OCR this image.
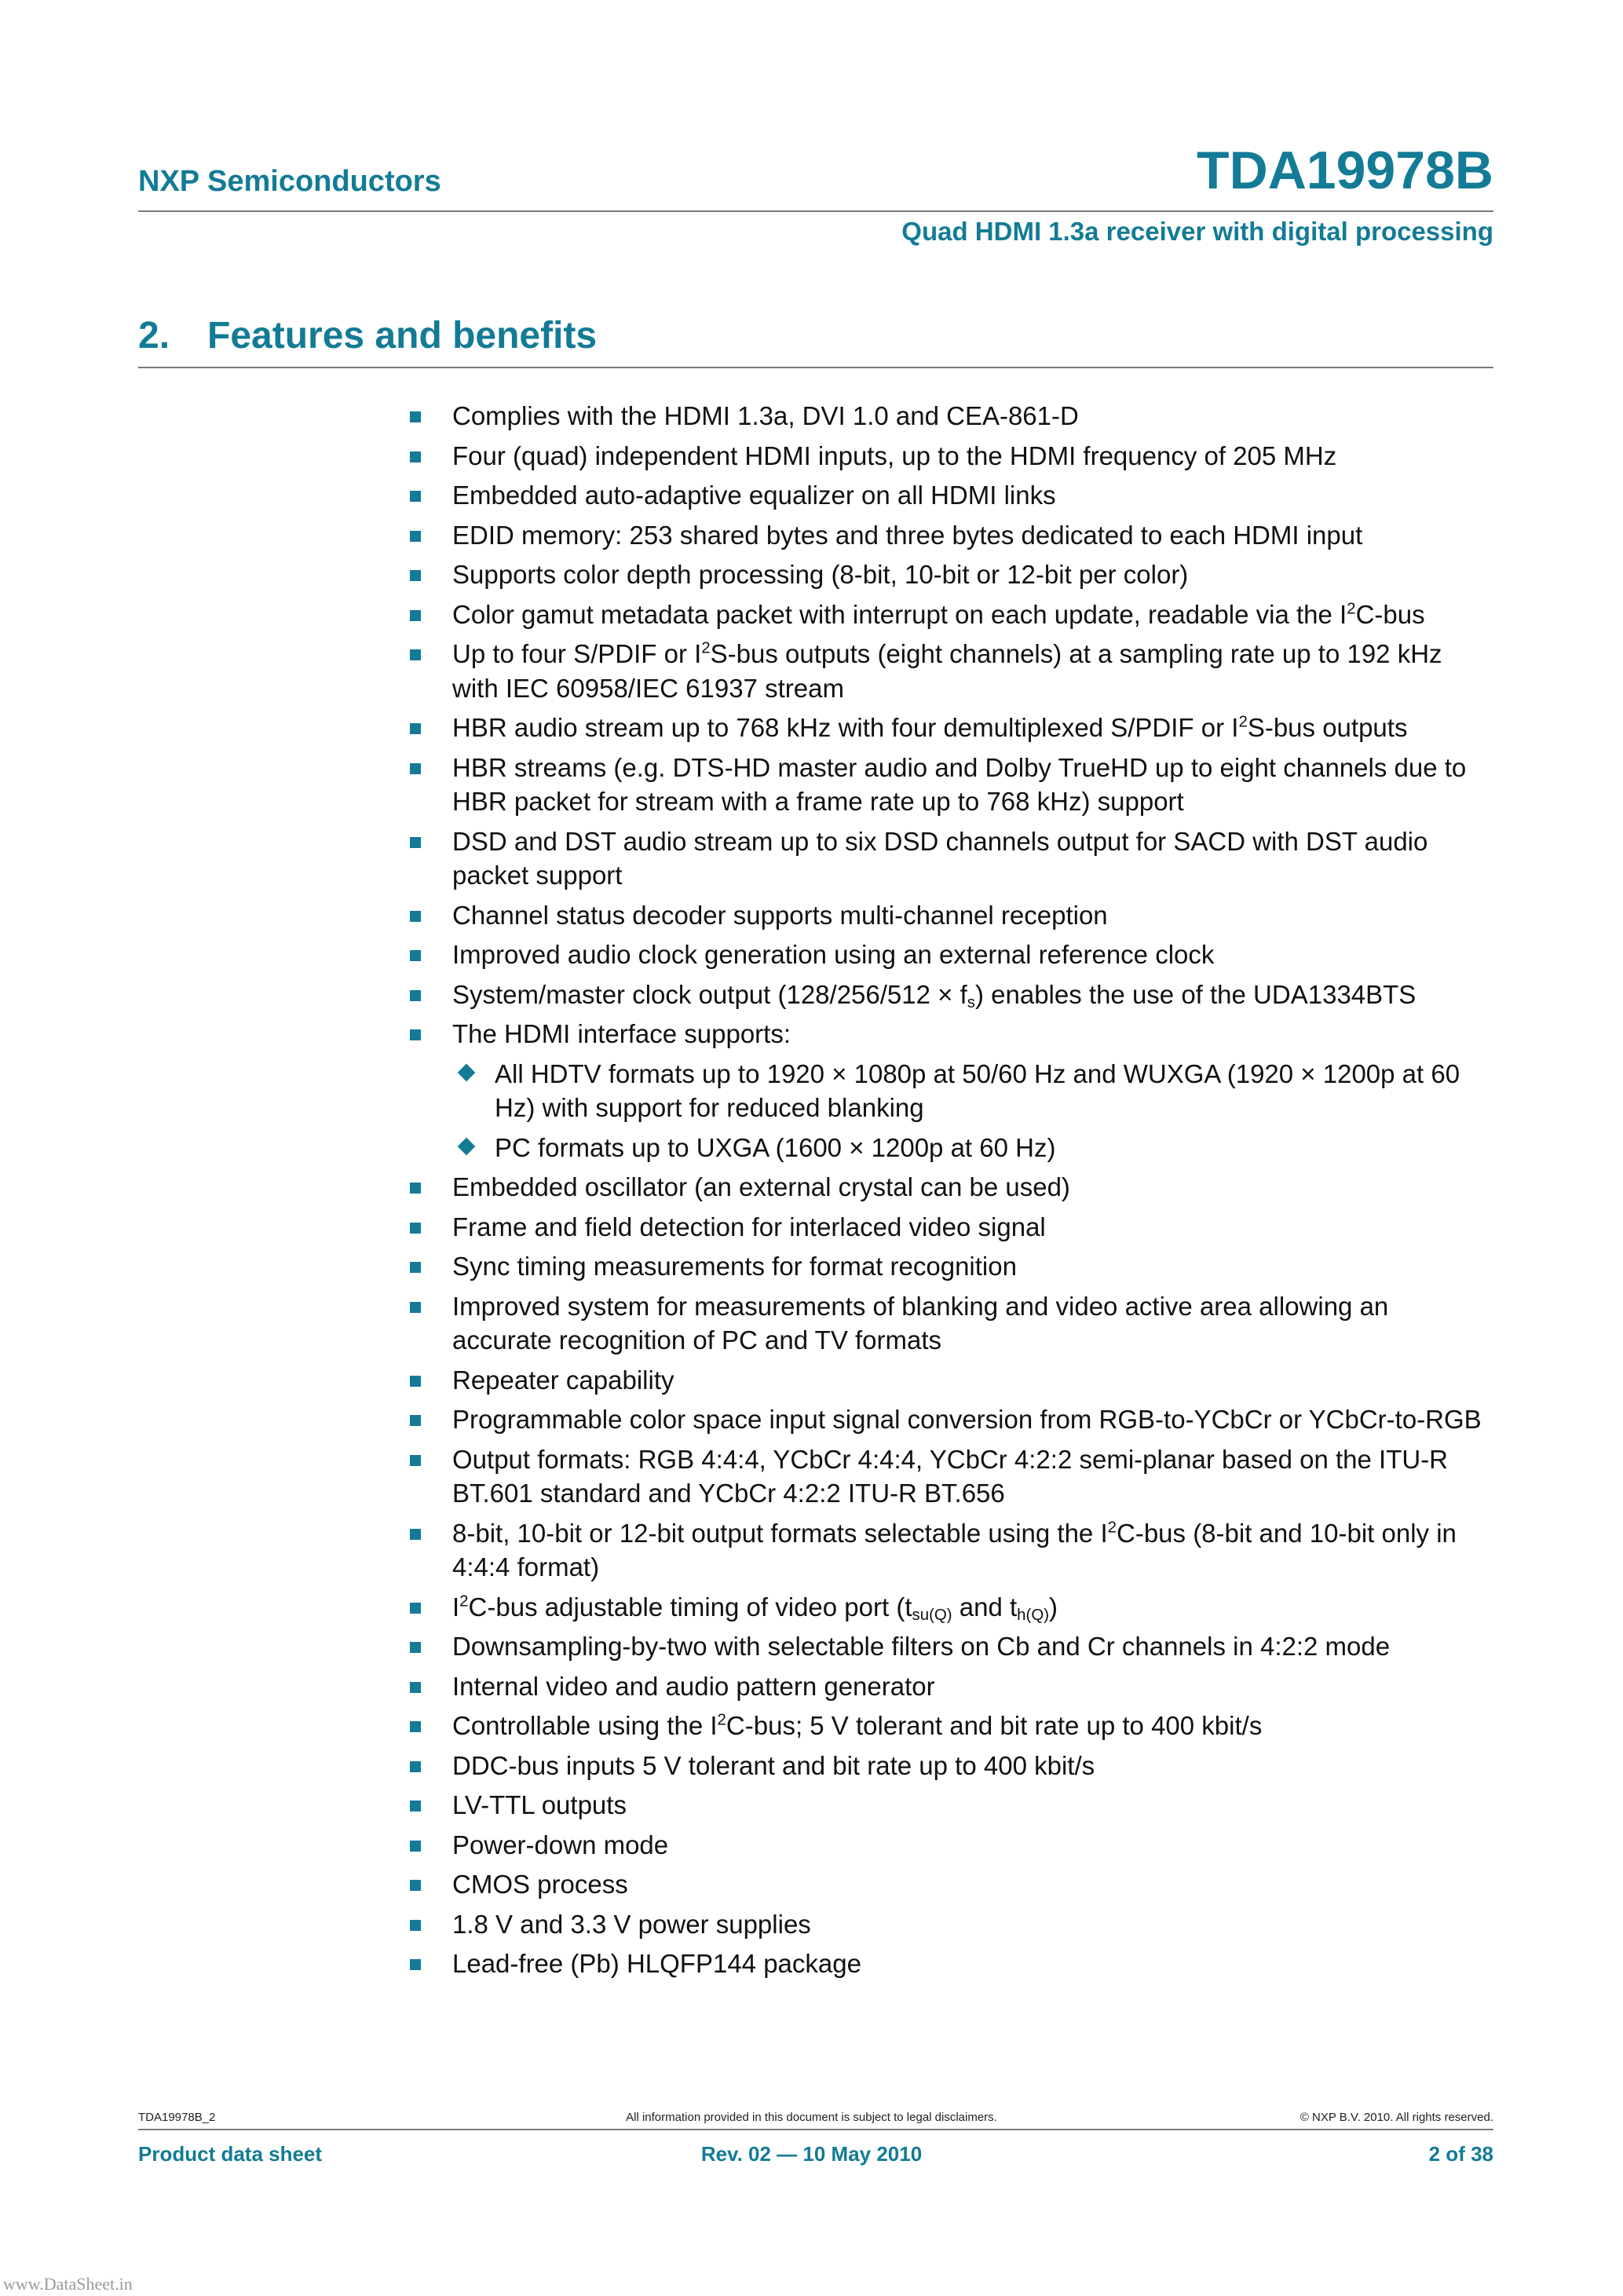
NXP Semiconductors	TDA19978B
Quad HDMI 1.3a receiver with digital processing
2. Features and benefits
Complies with the HDMI 1.3a, DVI 1.0 and CEA-861-D
Four (quad) independent HDMI inputs, up to the HDMI frequency of 205 MHz
Embedded auto-adaptive equalizer on all HDMI links
EDID memory: 253 shared bytes and three bytes dedicated to each HDMI input
Supports color depth processing (8-bit, 10-bit or 12-bit per color)
Color gamut metadata packet with interrupt on each update, readable via the $I^2C$-bus
Up to four S/PDIF or $I^2S$-bus outputs (eight channels) at a sampling rate up to 192 kHz with IEC 60958/IEC 61937 stream
HBR audio stream up to 768 kHz with four demultiplexed S/PDIF or $I^2S$-bus outputs
HBR streams (e.g. DTS-HD master audio and Dolby TrueHD up to eight channels due to HBR packet for stream with a frame rate up to 768 kHz) support
DSD and DST audio stream up to six DSD channels output for SACD with DST audio packet support
Channel status decoder supports multi-channel reception
Improved audio clock generation using an external reference clock
System/master clock output $(128/256/512 \times f_s)$ enables the use of the UDA1334BTS
The HDMI interface supports:
All HDTV formats up to 1920 × 1080p at 50/60 Hz and WUXGA (1920 × 1200p at 60 Hz) with support for reduced blanking
PC formats up to UXGA (1600 × 1200p at 60 Hz)
Embedded oscillator (an external crystal can be used)
Frame and field detection for interlaced video signal
Sync timing measurements for format recognition
Improved system for measurements of blanking and video active area allowing an accurate recognition of PC and TV formats
Repeater capability
Programmable color space input signal conversion from RGB-to-YCbCr or YCbCr-to-RGB
Output formats: RGB 4:4:4, YCbCr 4:4:4, YCbCr 4:2:2 semi-planar based on the ITU-R BT.601 standard and YCbCr 4:2:2 ITU-R BT.656
8-bit, 10-bit or 12-bit output formats selectable using the $I^2C$-bus (8-bit and 10-bit only in 4:4:4 format)
$I^2C$-bus adjustable timing of video port ($t_{su(Q)}$ and $t_{h(Q)}$)
Downsampling-by-two with selectable filters on Cb and Cr channels in 4:2:2 mode
Internal video and audio pattern generator
Controllable using the $I^2C$-bus; 5 V tolerant and bit rate up to 400 kbit/s
DDC-bus inputs 5 V tolerant and bit rate up to 400 kbit/s
LV-TTL outputs
Power-down mode
CMOS process
1.8 V and 3.3 V power supplies
Lead-free (Pb) HLQFP144 package
TDA19978B_2	All information provided in this document is subject to legal disclaimers.	© NXP B.V. 2010. All rights reserved.
Product data sheet	Rev. 02 — 10 May 2010	2 of 38
www.DataSheet.in
